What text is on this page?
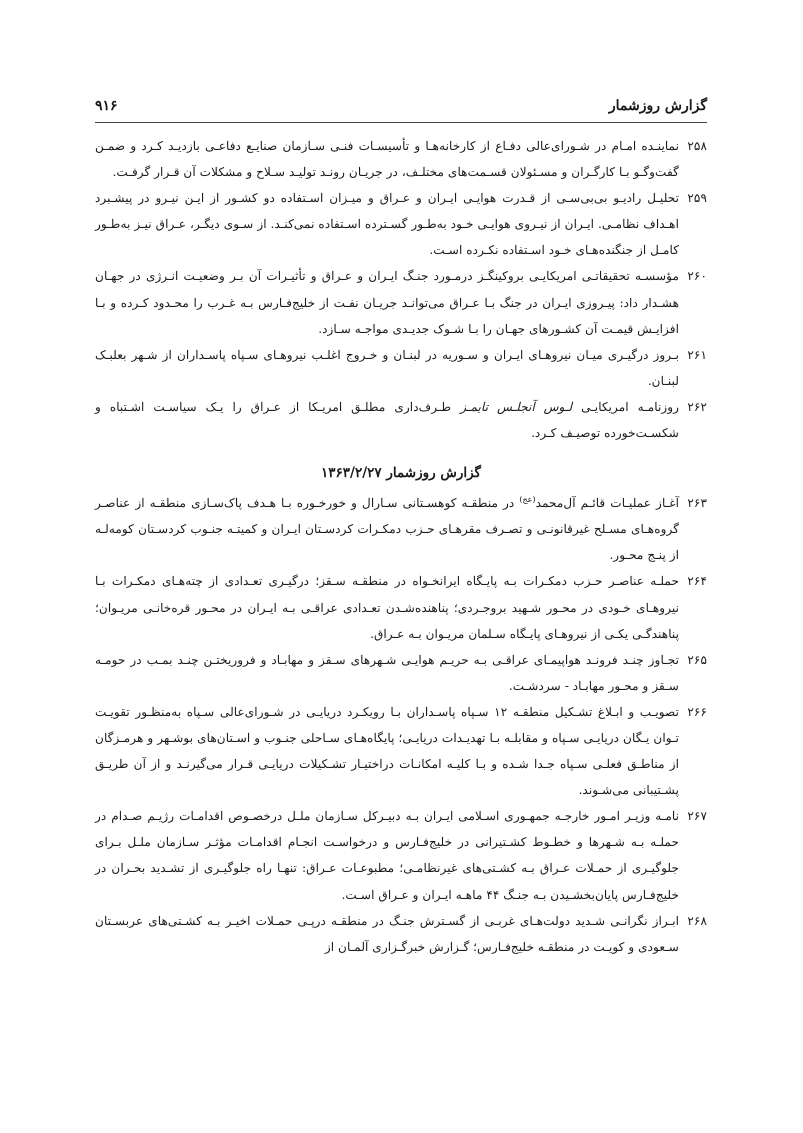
گزارش روزشمار
۹۱۶
۲۵۸
نماینـده امـام در شـورای‌عالی دفـاع از کارخانه‌هـا و تأسیسـات فنـی سـازمان صنایـع دفاعـی بازدیـد کـرد و ضمـن گفت‌وگـو بـا کارگـران و مسـئولان قسـمت‌های مختلـف، در جریـان رونـد تولیـد سـلاح و مشکلات آن قـرار گرفـت.
۲۵۹
تحلیـل رادیـو بی‌بی‌سـی از قـدرت هوایـی ایـران و عـراق و میـزان اسـتفاده دو کشـور از ایـن نیـرو در پیشـبرد اهـداف نظامـی. ایـران از نیـروی هوایـی خـود به‌طـور گسـترده اسـتفاده نمی‌کنـد. از سـوی دیگـر، عـراق نیـز به‌طـور کامـل از جنگنده‌هـای خـود اسـتفاده نکـرده اسـت.
۲۶۰
مؤسسـه تحقیقاتـی امریکایـی بروکینگـز درمـورد جنـگ ایـران و عـراق و تأثیـرات آن بـر وضعیـت انـرژی در جهـان هشـدار داد: پیـروزی ایـران در جنگ بـا عـراق می‌توانـد جریـان نفـت از خلیج‌فـارس بـه غـرب را محـدود کـرده و بـا افزایـش قیمـت آن کشـورهای جهـان را بـا شـوک جدیـدی مواجـه سـازد.
۲۶۱
بـروز درگیـری میـان نیروهـای ایـران و سـوریه در لبنـان و خـروج اغلـب نیروهـای سـپاه پاسـداران از شـهر بعلبـک لبنـان.
۲۶۲
روزنامـه امریکایـی لـوس آنجلـس تایمـز طـرف‌داری مطلـق امریـکا از عـراق را یـک سیاسـت اشـتباه و شکسـت‌خورده توصیـف کـرد.
گزارش روزشمار ۱۳۶۳/۲/۲۷
۲۶۳
آغـاز عملیـات قائـم آل‌محمد$^{(عج)}$ در منطقـه کوهسـتانی سـارال و خورخـوره بـا هـدف پاک‌سـازی منطقـه از عناصـر گروه‌هـای مسـلح غیرقانونـی و تصـرف مقرهـای حـزب دمکـرات کردسـتان ایـران و کمیتـه جنـوب کردسـتان کومه‌لـه از پنـج محـور.
۲۶۴
حملـه عناصـر حـزب دمکـرات بـه پایـگاه ایرانخـواه در منطقـه سـقز؛ درگیـری تعـدادی از چته‌هـای دمکـرات بـا نیروهـای خـودی در محـور شـهید بروجـردی؛ پناهنده‌شـدن تعـدادی عراقـی بـه ایـران در محـور قره‌خانـی مریـوان؛ پناهندگـی یکـی از نیروهـای پایـگاه سـلمان مریـوان بـه عـراق.
۲۶۵
تجـاوز چنـد فرونـد هواپیمـای عراقـی بـه حریـم هوایـی شـهرهای سـقز و مهابـاد و فروریختـن چنـد بمـب در حومـه سـقز و محـور مهابـاد - سردشـت.
۲۶۶
تصویـب و ابـلاغ تشـکیل منطقـه ۱۲ سـپاه پاسـداران بـا رویکـرد دریایـی در شـورای‌عالی سـپاه به‌منظـور تقویـت تـوان یـگان دریایـی سـپاه و مقابلـه بـا تهدیـدات دریایـی؛ پایگاه‌هـای سـاحلی جنـوب و اسـتان‌های بوشـهر و هرمـزگان از مناطـق فعلـی سـپاه جـدا شـده و بـا کلیـه امکانـات دراختیـار تشـکیلات دریایـی قـرار می‌گیرنـد و از آن طریـق پشـتیبانی می‌شـوند.
۲۶۷
نامـه وزیـر امـور خارجـه جمهـوری اسـلامی ایـران بـه دبیـرکل سـازمان ملـل درخصـوص اقدامـات رژیـم صـدام در حملـه بـه شـهرها و خطـوط کشـتیرانی در خلیج‌فـارس و درخواسـت انجـام اقدامـات مؤثـر سـازمان ملـل بـرای جلوگیـری از حمـلات عـراق بـه کشـتی‌های غیرنظامـی؛ مطبوعـات عـراق: تنهـا راه جلوگیـری از تشـدید بحـران در خلیج‌فـارس پایان‌بخشـیدن بـه جنـگ ۴۴ ماهـه ایـران و عـراق اسـت.
۲۶۸
ابـراز نگرانـی شـدید دولت‌هـای غربـی از گسـترش جنـگ در منطقـه درپـی حمـلات اخیـر بـه کشـتی‌های عربسـتان سـعودی و کویـت در منطقـه خلیج‌فـارس؛ گـزارش خبرگـزاری آلمـان از
